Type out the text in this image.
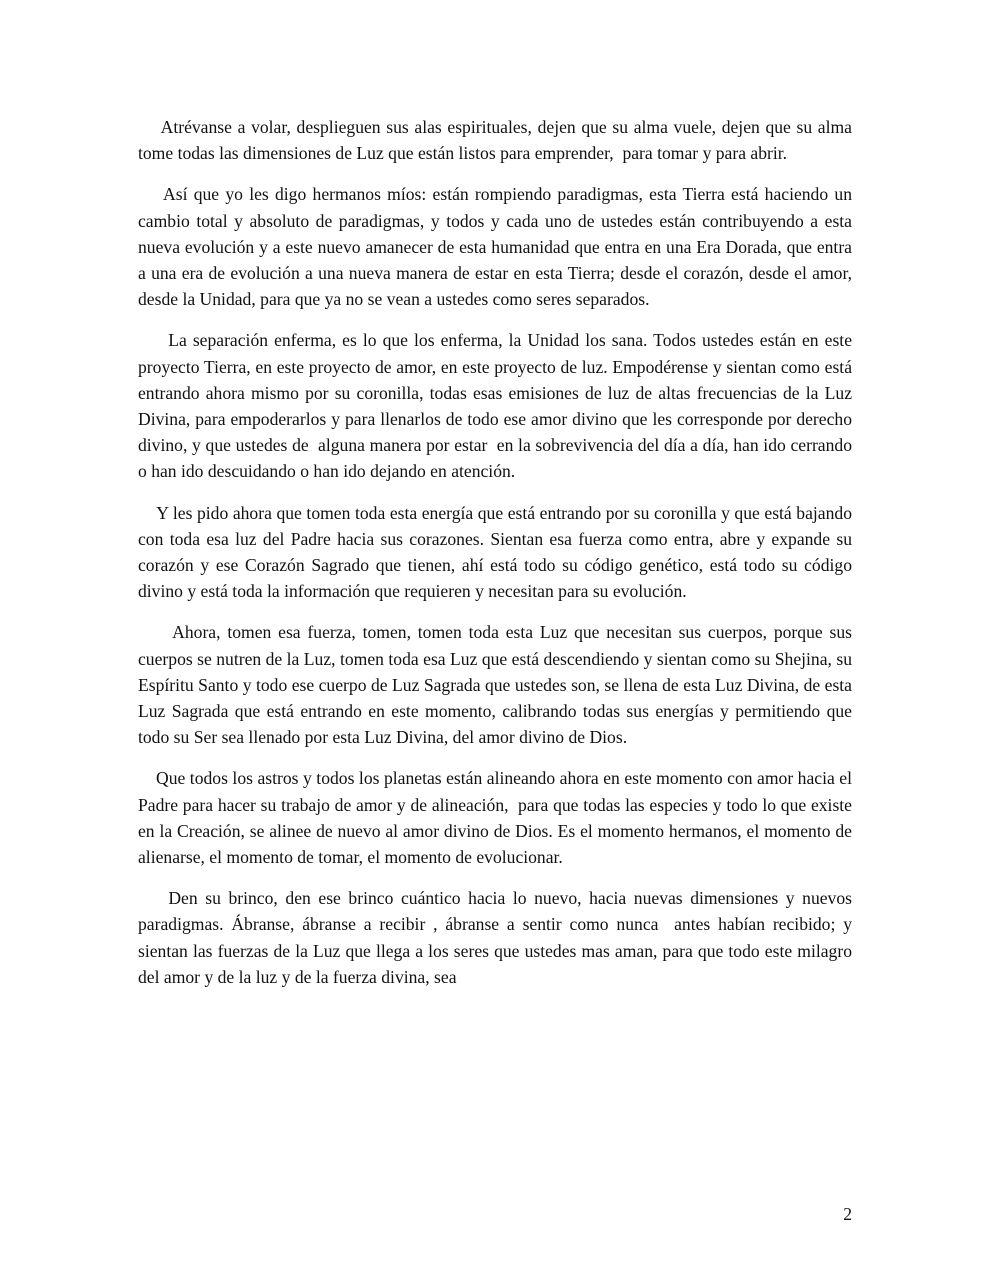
Atrévanse a volar, desplieguen sus alas espirituales, dejen que su alma vuele, dejen que su alma tome todas las dimensiones de Luz que están listos para emprender,  para tomar y para abrir.

Así que yo les digo hermanos míos: están rompiendo paradigmas, esta Tierra está haciendo un cambio total y absoluto de paradigmas, y todos y cada uno de ustedes están contribuyendo a esta nueva evolución y a este nuevo amanecer de esta humanidad que entra en una Era Dorada, que entra a una era de evolución a una nueva manera de estar en esta Tierra; desde el corazón, desde el amor, desde la Unidad, para que ya no se vean a ustedes como seres separados.

La separación enferma, es lo que los enferma, la Unidad los sana. Todos ustedes están en este proyecto Tierra, en este proyecto de amor, en este proyecto de luz. Empodérense y sientan como está entrando ahora mismo por su coronilla, todas esas emisiones de luz de altas frecuencias de la Luz Divina, para empoderarlos y para llenarlos de todo ese amor divino que les corresponde por derecho divino, y que ustedes de  alguna manera por estar  en la sobrevivencia del día a día, han ido cerrando o han ido descuidando o han ido dejando en atención.

Y les pido ahora que tomen toda esta energía que está entrando por su coronilla y que está bajando con toda esa luz del Padre hacia sus corazones. Sientan esa fuerza como entra, abre y expande su corazón y ese Corazón Sagrado que tienen, ahí está todo su código genético, está todo su código divino y está toda la información que requieren y necesitan para su evolución.

Ahora, tomen esa fuerza, tomen, tomen toda esta Luz que necesitan sus cuerpos, porque sus cuerpos se nutren de la Luz, tomen toda esa Luz que está descendiendo y sientan como su Shejina, su Espíritu Santo y todo ese cuerpo de Luz Sagrada que ustedes son, se llena de esta Luz Divina, de esta Luz Sagrada que está entrando en este momento, calibrando todas sus energías y permitiendo que todo su Ser sea llenado por esta Luz Divina, del amor divino de Dios.

Que todos los astros y todos los planetas están alineando ahora en este momento con amor hacia el Padre para hacer su trabajo de amor y de alineación,  para que todas las especies y todo lo que existe en la Creación, se alinee de nuevo al amor divino de Dios. Es el momento hermanos, el momento de alienarse, el momento de tomar, el momento de evolucionar.

Den su brinco, den ese brinco cuántico hacia lo nuevo, hacia nuevas dimensiones y nuevos paradigmas. Ábranse, ábranse a recibir , ábranse a sentir como nunca  antes habían recibido; y sientan las fuerzas de la Luz que llega a los seres que ustedes mas aman, para que todo este milagro del amor y de la luz y de la fuerza divina, sea

2
